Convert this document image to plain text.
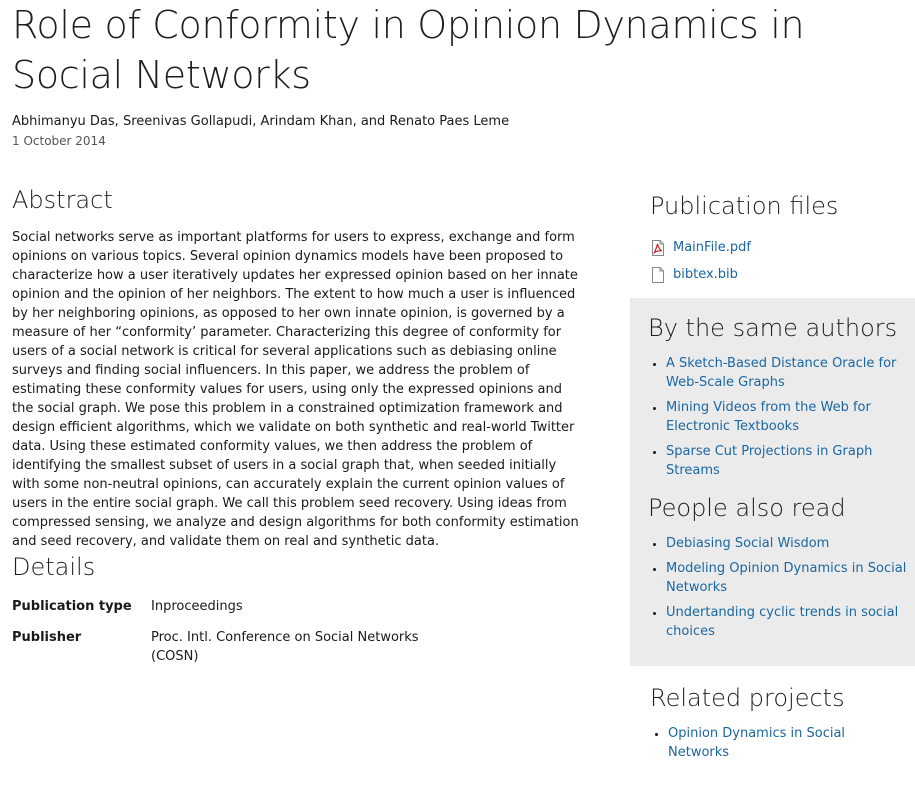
Role of Conformity in Opinion Dynamics in Social Networks
Abhimanyu Das, Sreenivas Gollapudi, Arindam Khan, and Renato Paes Leme
1 October 2014
Abstract

Social networks serve as important platforms for users to express, exchange and form opinions on various topics. Several opinion dynamics models have been proposed to characterize how a user iteratively updates her expressed opinion based on her innate opinion and the opinion of her neighbors. The extent to how much a user is influenced by her neighboring opinions, as opposed to her own innate opinion, is governed by a measure of her “conformity’ parameter. Characterizing this degree of conformity for users of a social network is critical for several applications such as debiasing online surveys and finding social influencers. In this paper, we address the problem of estimating these conformity values for users, using only the expressed opinions and the social graph. We pose this problem in a constrained optimization framework and design efficient algorithms, which we validate on both synthetic and real-world Twitter data. Using these estimated conformity values, we then address the problem of identifying the smallest subset of users in a social graph that, when seeded initially with some non-neutral opinions, can accurately explain the current opinion values of users in the entire social graph. We call this problem seed recovery. Using ideas from compressed sensing, we analyze and design algorithms for both conformity estimation and seed recovery, and validate them on real and synthetic data.

Details
Publication type	Inproceedings
Publisher	Proc. Intl. Conference on Social Networks (COSN)
Publication files
MainFile.pdf
bibtex.bib
By the same authors
• A Sketch-Based Distance Oracle for Web-Scale Graphs
• Mining Videos from the Web for Electronic Textbooks
• Sparse Cut Projections in Graph Streams
People also read
• Debiasing Social Wisdom
• Modeling Opinion Dynamics in Social Networks
• Undertanding cyclic trends in social choices
Related projects
• Opinion Dynamics in Social Networks
